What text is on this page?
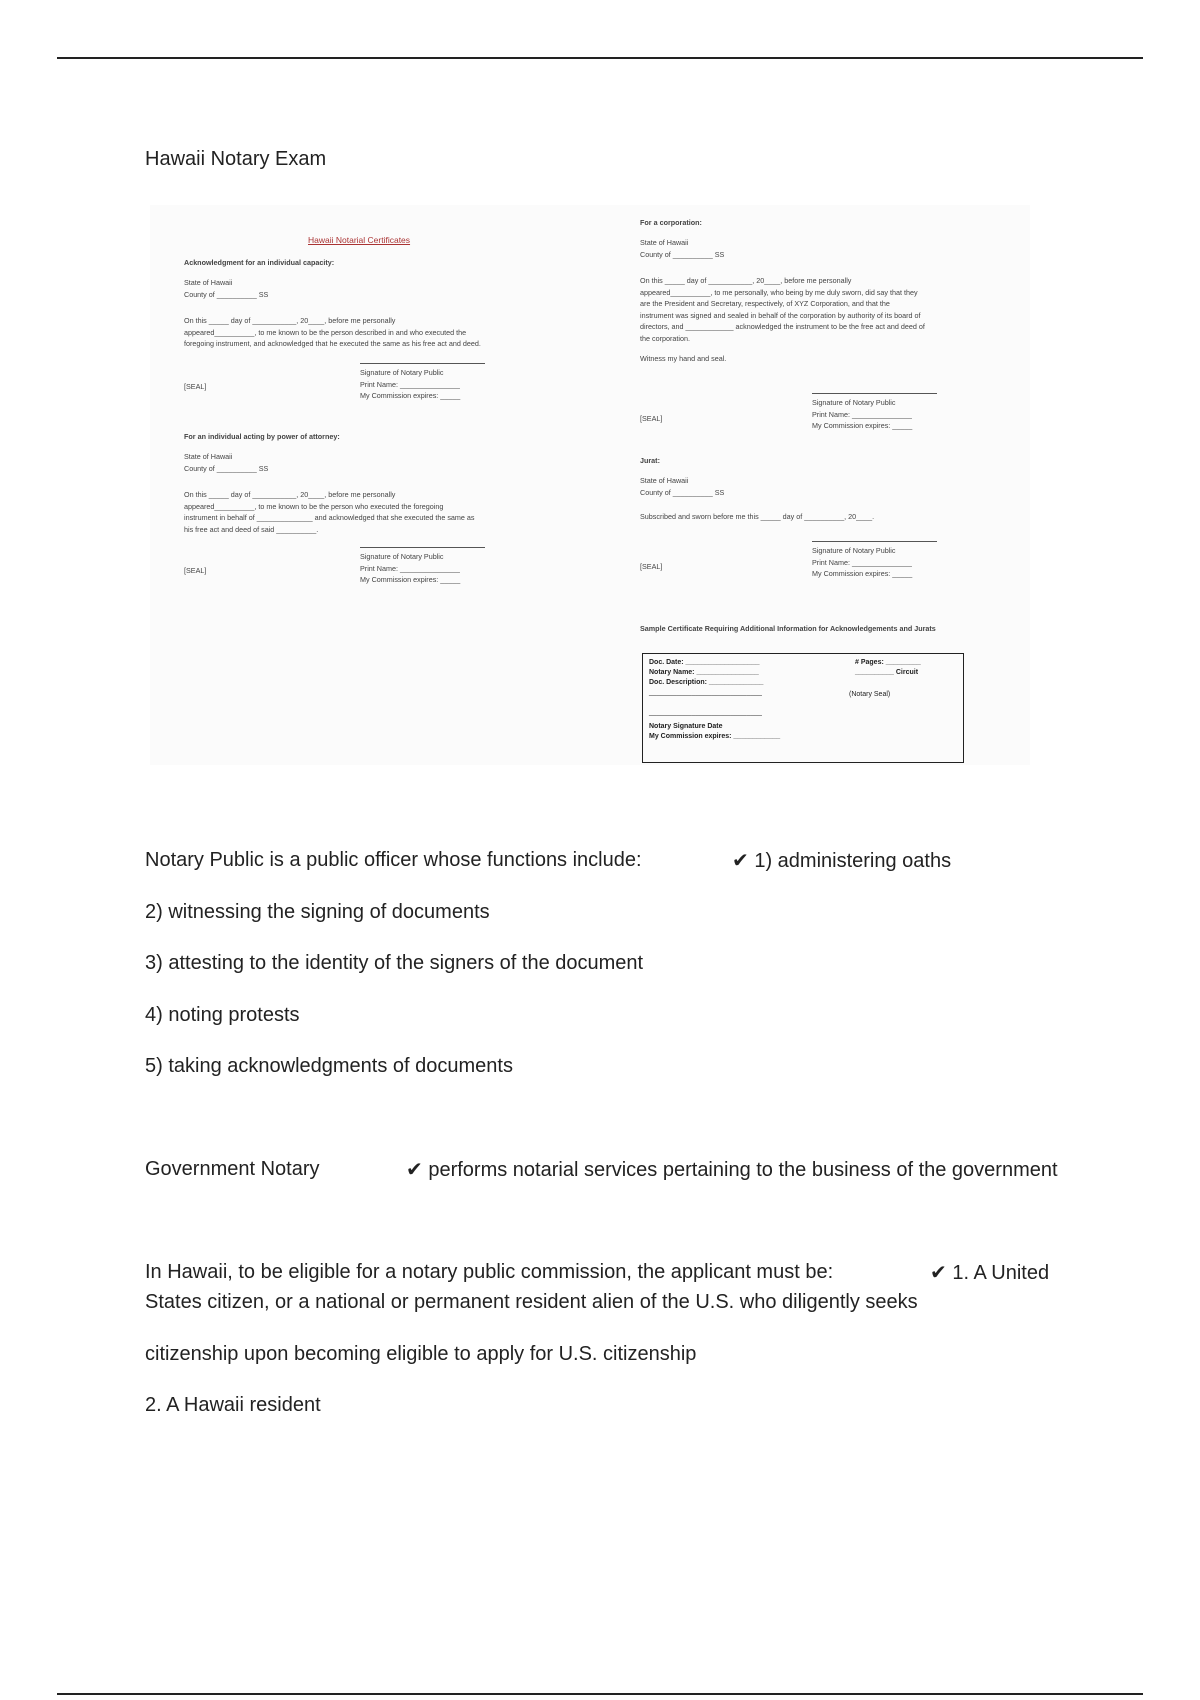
Hawaii Notary Exam
Hawaii Notarial Certificates
Acknowledgment for an individual capacity:
State of Hawaii
County of __________ SS
On this _____ day of ___________, 20____, before me personally
appeared__________, to me known to be the person described in and who executed the
foregoing instrument, and acknowledged that he executed the same as his free act and deed.
[SEAL]
Signature of Notary Public
Print Name: _______________
My Commission expires: _____
For an individual acting by power of attorney:
State of Hawaii
County of __________ SS
On this _____ day of ___________, 20____, before me personally
appeared__________, to me known to be the person who executed the foregoing
instrument in behalf of ______________ and acknowledged that she executed the same as
his free act and deed of said __________.
[SEAL]
Signature of Notary Public
Print Name: _______________
My Commission expires: _____
For a corporation:
State of Hawaii
County of __________ SS
On this _____ day of ___________, 20____, before me personally
appeared__________, to me personally, who being by me duly sworn, did say that they
are the President and Secretary, respectively, of XYZ Corporation, and that the
instrument was signed and sealed in behalf of the corporation by authority of its board of
directors, and ____________ acknowledged the instrument to be the free act and deed of
the corporation.
Witness my hand and seal.
[SEAL]
Signature of Notary Public
Print Name: _______________
My Commission expires: _____
Jurat:
State of Hawaii
County of __________ SS
Subscribed and sworn before me this _____ day of __________, 20____.
[SEAL]
Signature of Notary Public
Print Name: _______________
My Commission expires: _____
Sample Certificate Requiring Additional Information for Acknowledgements and Jurats
Doc. Date: ___________________
Notary Name: ________________
Doc. Description: ______________
_____________________________
_____________________________
Notary Signature Date
My Commission expires: ____________
# Pages: _________
__________ Circuit
(Notary Seal)
Notary Public is a public officer whose functions include:	✔ 1) administering oaths
2) witnessing the signing of documents
3) attesting to the identity of the signers of the document
4) noting protests
5) taking acknowledgments of documents
Government Notary	✔ performs notarial services pertaining to the business of the government
In Hawaii, to be eligible for a notary public commission, the applicant must be:	✔ 1. A United
States citizen, or a national or permanent resident alien of the U.S. who diligently seeks
citizenship upon becoming eligible to apply for U.S. citizenship
2. A Hawaii resident
